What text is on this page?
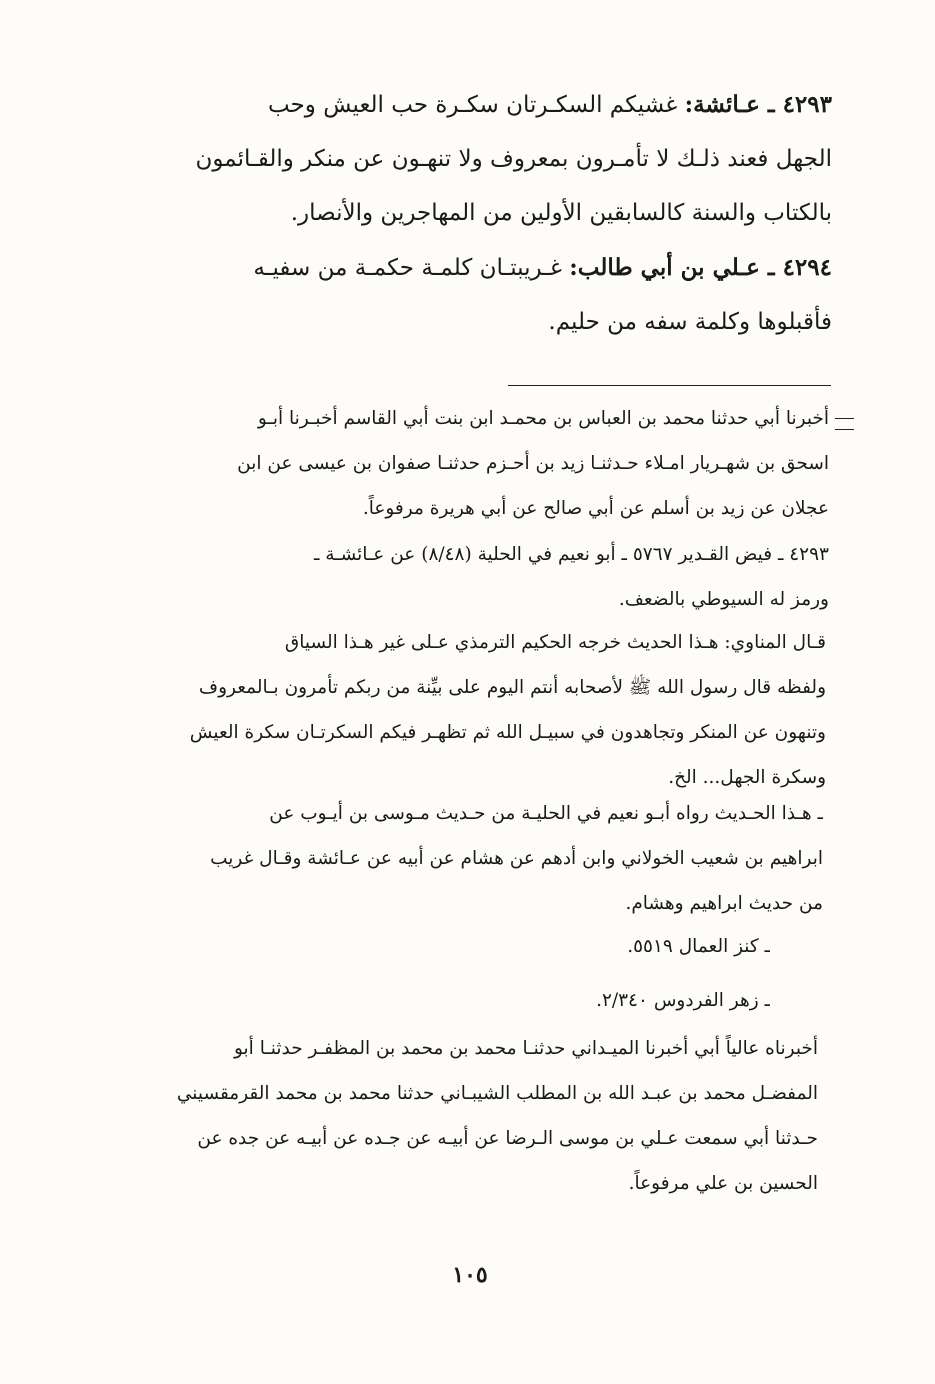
٤٢٩٣ ـ عـائشة: غشيكم السكـرتان سكـرة حب العيش وحب
الجهل فعند ذلـك لا تأمـرون بمعروف ولا تنهـون عن منكر والقـائمون
بالكتاب والسنة كالسابقين الأولين من المهاجرين والأنصار.
٤٢٩٤ ـ عـلي بن أبي طالب: غـريبتـان كلمـة حكمـة من سفيـه
فأقبلوها وكلمة سفه من حليم.
أخبرنا أبي حدثنا محمد بن العباس بن محمـد ابن بنت أبي القاسم أخبـرنا أبـو
اسحق بن شهـريار امـلاء حـدثنـا زيد بن أحـزم حدثنـا صفوان بن عيسى عن ابن
عجلان عن زيد بن أسلم عن أبي صالح عن أبي هريرة مرفوعاً.
٤٢٩٣ ـ فيض القـدير ٥٧٦٧ ـ أبو نعيم في الحلية (٨/٤٨) عن عـائشـة ـ
ورمز له السيوطي بالضعف.
قـال المناوي: هـذا الحديث خرجه الحكيم الترمذي عـلى غير هـذا السياق
ولفظه قال رسول الله ﷺ لأصحابه أنتم اليوم على بيِّنة من ربكم تأمرون بـالمعروف
وتنهون عن المنكر وتجاهدون في سبيـل الله ثم تظهـر فيكم السكرتـان سكرة العيش
وسكرة الجهل... الخ.
ـ هـذا الحـديث رواه أبـو نعيم في الحليـة من حـديث مـوسى بن أيـوب عن
ابراهيم بن شعيب الخولاني وابن أدهم عن هشام عن أبيه عن عـائشة وقـال غريب
من حديث ابراهيم وهشام.
ـ كنز العمال ٥٥١٩.
ـ زهر الفردوس ٢/٣٤٠.
أخبرناه عالياً أبي أخبرنا الميـداني حدثنـا محمد بن محمد بن المظفـر حدثنـا أبو
المفضـل محمد بن عبـد الله بن المطلب الشيبـاني حدثنا محمد بن محمد القرمقسيني
حـدثنا أبي سمعت عـلي بن موسى الـرضا عن أبيـه عن جـده عن أبيـه عن جده عن
الحسين بن علي مرفوعاً.
١٠٥
